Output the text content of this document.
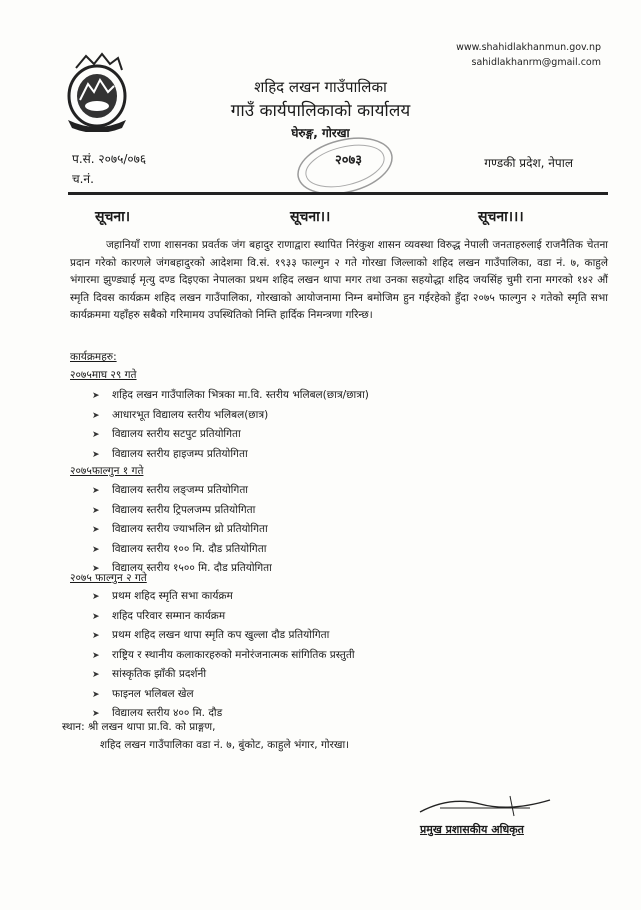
www.shahidlakhanmun.gov.np
sahidlakhanrm@gmail.com
शहिद लखन गाउँपालिका
गाउँ कार्यपालिकाको कार्यालय
घेरुङ्ग, गोरखा
प.सं. २०७५/०७६
च.नं.
२०७३	गण्डकी प्रदेश, नेपाल
सूचना।	सूचना।।	सूचना।।।

जहानियाँ राणा शासनका प्रवर्तक जंग बहादुर राणाद्वारा स्थापित निरंकुश शासन व्यवस्था विरुद्ध नेपाली जनताहरुलाई राजनैतिक चेतना प्रदान गरेको कारणले जंगबहादुरको आदेशमा वि.सं. १९३३ फाल्गुन २ गते गोरखा जिल्लाको शहिद लखन गाउँपालिका, वडा नं. ७, काहुले भंगारमा झुण्ड्याई मृत्यु दण्ड दिइएका नेपालका प्रथम शहिद लखन थापा मगर तथा उनका सहयोद्धा शहिद जयसिंह चुमी राना मगरको १४२ औं स्मृति दिवस कार्यक्रम शहिद लखन गाउँपालिका, गोरखाको आयोजनामा निम्न बमोजिम हुन गईरहेको हुँदा २०७५ फाल्गुन २ गतेको स्मृति सभा कार्यक्रममा यहाँहरु सबैको गरिमामय उपस्थितिको निम्ति हार्दिक निमन्त्रणा गरिन्छ।

कार्यक्रमहरु:
२०७५माघ २९ गते
➤ शहिद लखन गाउँपालिका भित्रका मा.वि. स्तरीय भलिबल(छात्र/छात्रा)
➤ आधारभूत विद्यालय स्तरीय भलिबल(छात्र)
➤ विद्यालय स्तरीय सटपुट प्रतियोगिता
➤ विद्यालय स्तरीय हाइजम्प प्रतियोगिता
२०७५फाल्गुन १ गते
➤ विद्यालय स्तरीय लङ्जम्प प्रतियोगिता
➤ विद्यालय स्तरीय ट्रिपलजम्प प्रतियोगिता
➤ विद्यालय स्तरीय ज्याभलिन थ्रो प्रतियोगिता
➤ विद्यालय स्तरीय १०० मि. दौड प्रतियोगिता
➤ विद्यालय स्तरीय १५०० मि. दौड प्रतियोगिता
२०७५ फाल्गुन २ गते
➤ प्रथम शहिद स्मृति सभा कार्यक्रम
➤ शहिद परिवार सम्मान कार्यक्रम
➤ प्रथम शहिद लखन थापा स्मृति कप खुल्ला दौड प्रतियोगिता
➤ राष्ट्रिय र स्थानीय कलाकारहरुको मनोरंजनात्मक सांगितिक प्रस्तुती
➤ सांस्कृतिक झाँकी प्रदर्शनी
➤ फाइनल भलिबल खेल
➤ विद्यालय स्तरीय ४०० मि. दौड
स्थान: श्री लखन थापा प्रा.वि. को प्राङ्गण,
शहिद लखन गाउँपालिका वडा नं. ७, बुंकोट, काहुले भंगार, गोरखा।
प्रमुख प्रशासकीय अधिकृत
